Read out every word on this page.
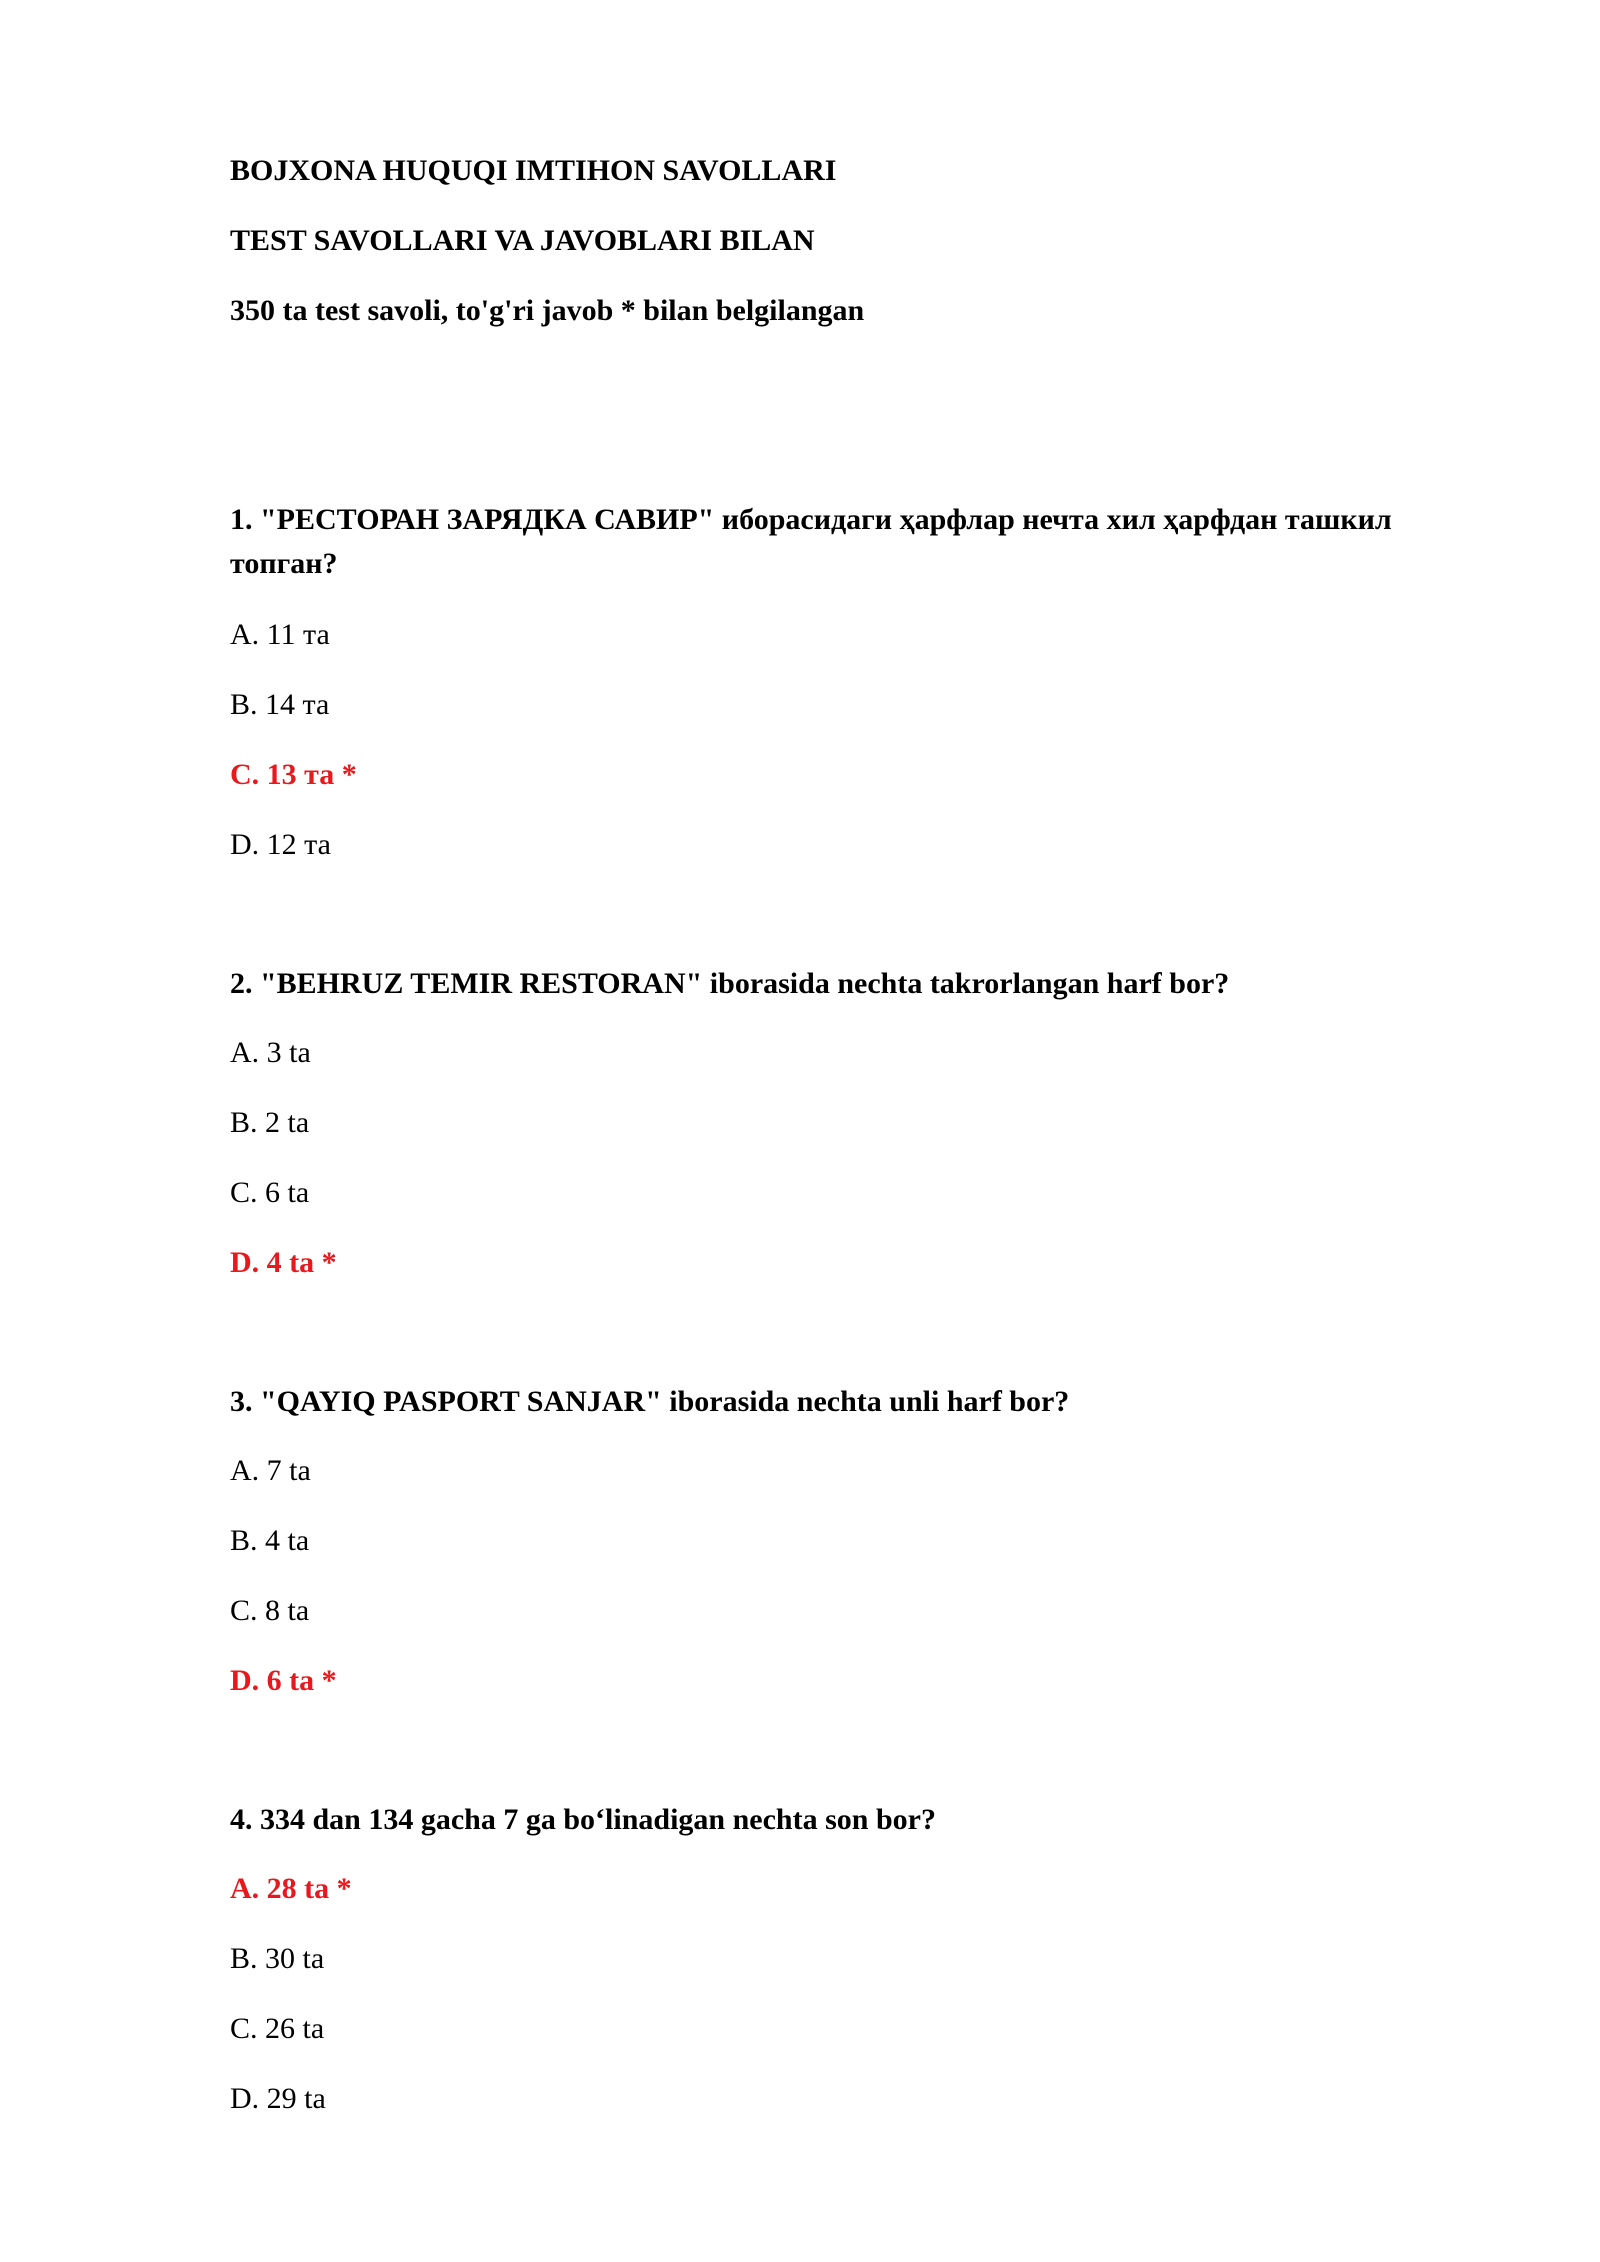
BOJXONA HUQUQI IMTIHON SAVOLLARI
TEST SAVOLLARI VA JAVOBLARI BILAN
350 ta test savoli, to'g'ri javob * bilan belgilangan
1. "РЕСТОРАН ЗАРЯДКА САВИР" иборасидаги ҳарфлар нечта хил ҳарфдан ташкил топган?
A. 11 та
B. 14 та
C. 13 та *
D. 12 та
2. "BEHRUZ TEMIR RESTORAN" iborasida nechta takrorlangan harf bor?
A. 3 ta
B. 2 ta
C. 6 ta
D. 4 ta *
3. "QAYIQ PASPORT SANJAR" iborasida nechta unli harf bor?
A. 7 ta
B. 4 ta
C. 8 ta
D. 6 ta *
4. 334 dan 134 gacha 7 ga bo‘linadigan nechta son bor?
A. 28 ta *
B. 30 ta
C. 26 ta
D. 29 ta
